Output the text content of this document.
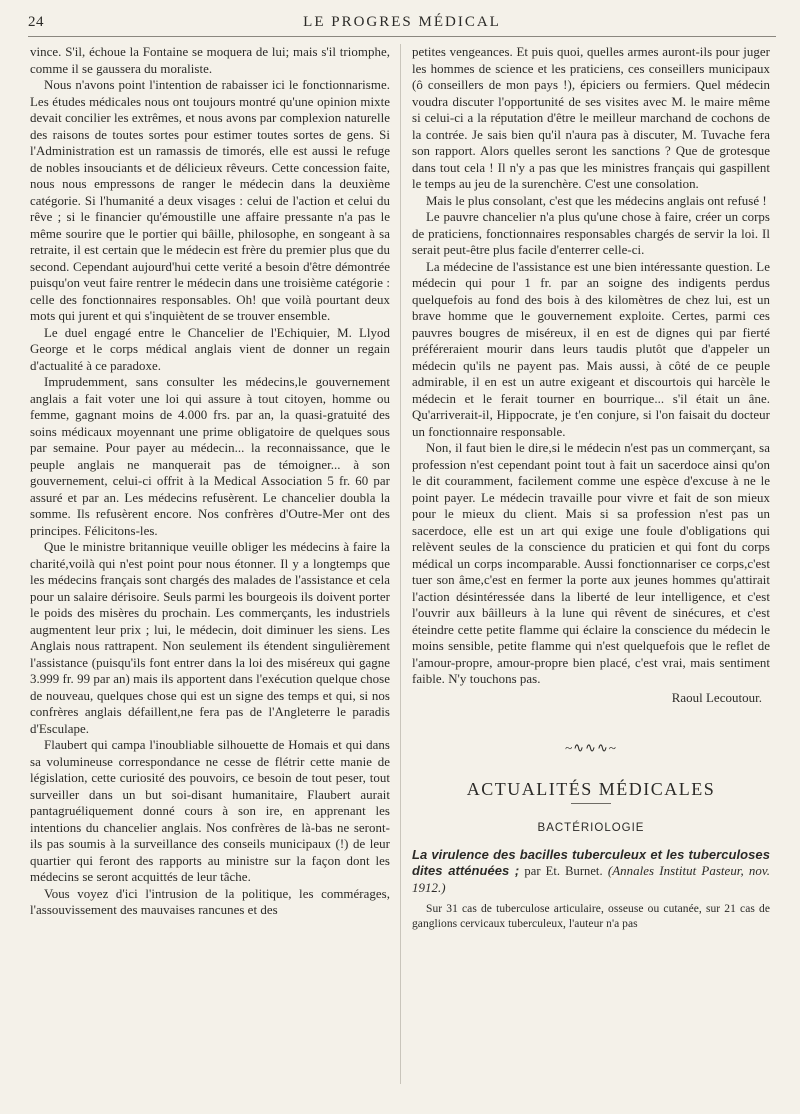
24	LE PROGRES MÉDICAL

vince. S'il, échoue la Fontaine se moquera de lui; mais s'il triomphe, comme il se gaussera du moraliste.

Nous n'avons point l'intention de rabaisser ici le fonctionnarisme. Les études médicales nous ont toujours montré qu'une opinion mixte devait concilier les extrêmes, et nous avons par complexion naturelle des raisons de toutes sortes pour estimer toutes sortes de gens. Si l'Administration est un ramassis de timorés, elle est aussi le refuge de nobles insouciants et de délicieux rêveurs. Cette concession faite, nous nous empressons de ranger le médecin dans la deuxième catégorie. Si l'humanité a deux visages : celui de l'action et celui du rêve ; si le financier qu'émoustille une affaire pressante n'a pas le même sourire que le portier qui bâille, philosophe, en songeant à sa retraite, il est certain que le médecin est frère du premier plus que du second. Cependant aujourd'hui cette verité a besoin d'être démontrée puisqu'on veut faire rentrer le médecin dans une troisième catégorie : celle des fonctionnaires responsables. Oh! que voilà pourtant deux mots qui jurent et qui s'inquiètent de se trouver ensemble.

Le duel engagé entre le Chancelier de l'Echiquier, M. Llyod George et le corps médical anglais vient de donner un regain d'actualité à ce paradoxe.

Imprudemment, sans consulter les médecins,le gouvernement anglais a fait voter une loi qui assure à tout citoyen, homme ou femme, gagnant moins de 4.000 frs. par an, la quasi-gratuité des soins médicaux moyennant une prime obligatoire de quelques sous par semaine. Pour payer au médecin... la reconnaissance, que le peuple anglais ne manquerait pas de témoigner... à son gouvernement, celui-ci offrit à la Medical Association 5 fr. 60 par assuré et par an. Les médecins refusèrent. Le chancelier doubla la somme. Ils refusèrent encore. Nos confrères d'Outre-Mer ont des principes. Félicitons-les.

Que le ministre britannique veuille obliger les médecins à faire la charité,voilà qui n'est point pour nous étonner. Il y a longtemps que les médecins français sont chargés des malades de l'assistance et cela pour un salaire dérisoire. Seuls parmi les bourgeois ils doivent porter le poids des misères du prochain. Les commerçants, les industriels augmentent leur prix ; lui, le médecin, doit diminuer les siens. Les Anglais nous rattrapent. Non seulement ils étendent singulièrement l'assistance (puisqu'ils font entrer dans la loi des miséreux qui gagne 3.999 fr. 99 par an) mais ils apportent dans l'exécution quelque chose de nouveau, quelques chose qui est un signe des temps et qui, si nos confrères anglais défaillent,ne fera pas de l'Angleterre le paradis d'Esculape.

Flaubert qui campa l'inoubliable silhouette de Homais et qui dans sa volumineuse correspondance ne cesse de flétrir cette manie de législation, cette curiosité des pouvoirs, ce besoin de tout peser, tout surveiller dans un but soi-disant humanitaire, Flaubert aurait pantagruéliquement donné cours à son ire, en apprenant les intentions du chancelier anglais. Nos confrères de là-bas ne seront-ils pas soumis à la surveillance des conseils municipaux (!) de leur quartier qui feront des rapports au ministre sur la façon dont les médecins se seront acquittés de leur tâche.

Vous voyez d'ici l'intrusion de la politique, les commérages, l'assouvissement des mauvaises rancunes et des

petites vengeances. Et puis quoi, quelles armes auront-ils pour juger les hommes de science et les praticiens, ces conseillers municipaux (ô conseillers de mon pays !), épiciers ou fermiers. Quel médecin voudra discuter l'opportunité de ses visites avec M. le maire même si celui-ci a la réputation d'être le meilleur marchand de cochons de la contrée. Je sais bien qu'il n'aura pas à discuter, M. Tuvache fera son rapport. Alors quelles seront les sanctions ? Que de grotesque dans tout cela ! Il n'y a pas que les ministres français qui gaspillent le temps au jeu de la surenchère. C'est une consolation.

Mais le plus consolant, c'est que les médecins anglais ont refusé !

Le pauvre chancelier n'a plus qu'une chose à faire, créer un corps de praticiens, fonctionnaires responsables chargés de servir la loi. Il serait peut-être plus facile d'enterrer celle-ci.

La médecine de l'assistance est une bien intéressante question. Le médecin qui pour 1 fr. par an soigne des indigents perdus quelquefois au fond des bois à des kilomètres de chez lui, est un brave homme que le gouvernement exploite. Certes, parmi ces pauvres bougres de miséreux, il en est de dignes qui par fierté préféreraient mourir dans leurs taudis plutôt que d'appeler un médecin qu'ils ne payent pas. Mais aussi, à côté de ce peuple admirable, il en est un autre exigeant et discourtois qui harcèle le médecin et le ferait tourner en bourrique... s'il était un âne. Qu'arriverait-il, Hippocrate, je t'en conjure, si l'on faisait du docteur un fonctionnaire responsable.

Non, il faut bien le dire,si le médecin n'est pas un commerçant, sa profession n'est cependant point tout à fait un sacerdoce ainsi qu'on le dit couramment, facilement comme une espèce d'excuse à ne le point payer. Le médecin travaille pour vivre et fait de son mieux pour le mieux du client. Mais si sa profession n'est pas un sacerdoce, elle est un art qui exige une foule d'obligations qui relèvent seules de la conscience du praticien et qui font du corps médical un corps incomparable. Aussi fonctionnariser ce corps,c'est tuer son âme,c'est en fermer la porte aux jeunes hommes qu'attirait l'action désintéressée dans la liberté de leur intelligence, et c'est l'ouvrir aux bâilleurs à la lune qui rêvent de sinécures, et c'est éteindre cette petite flamme qui éclaire la conscience du médecin le moins sensible, petite flamme qui n'est quelquefois que le reflet de l'amour-propre, amour-propre bien placé, c'est vrai, mais sentiment faible. N'y touchons pas.

Raoul Lecoutour.
~∿∿∿~
ACTUALITÉS MÉDICALES
BACTÉRIOLOGIE

La virulence des bacilles tuberculeux et les tuberculoses dites atténuées ; par Et. Burnet. (Annales Institut Pasteur, nov. 1912.)

Sur 31 cas de tuberculose articulaire, osseuse ou cutanée, sur 21 cas de ganglions cervicaux tuberculeux, l'auteur n'a pas
